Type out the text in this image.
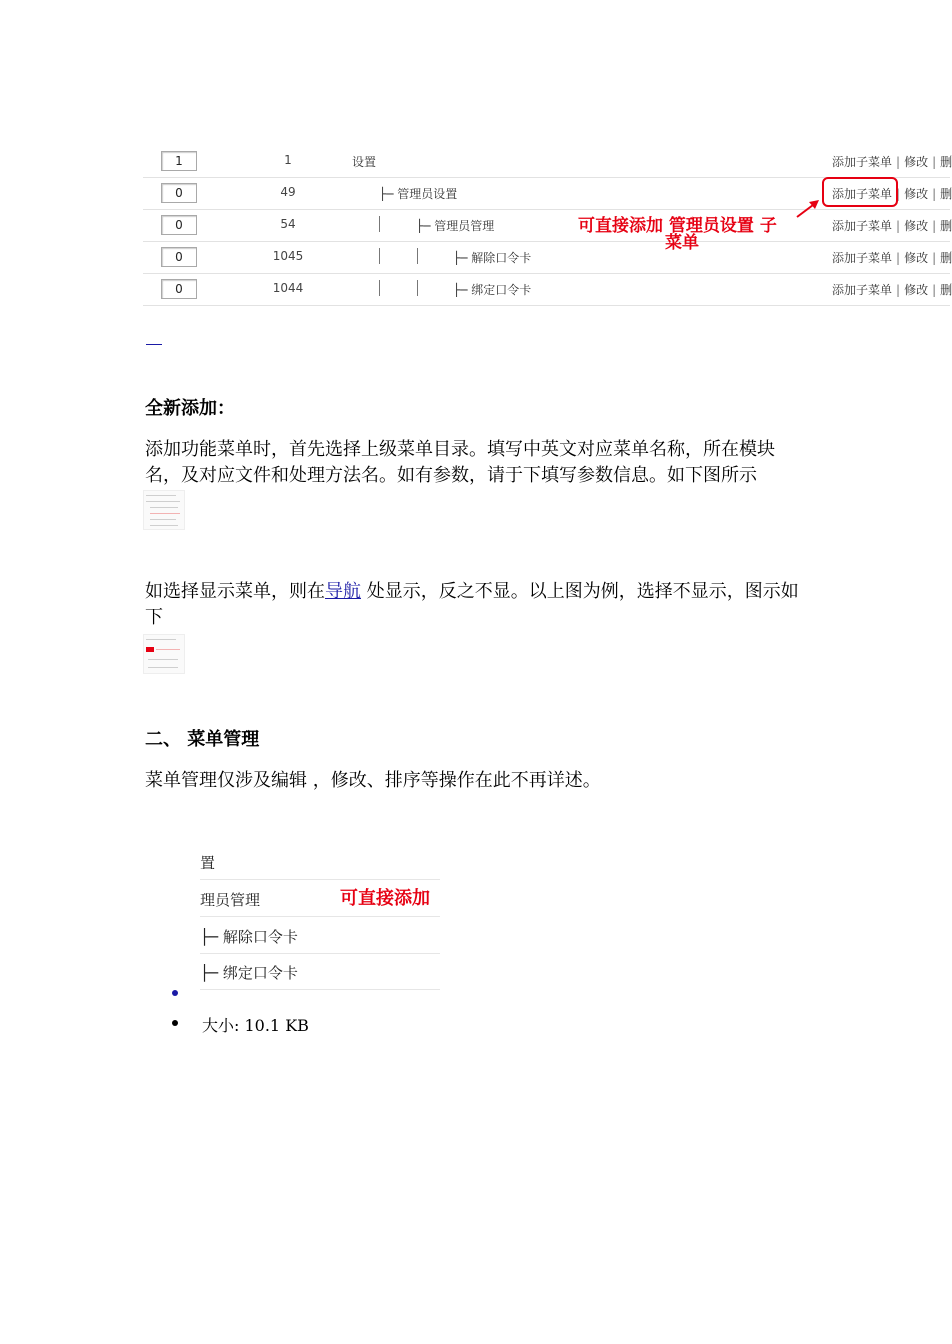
1	1	设置	添加子菜单 | 修改 | 删
0	49	├─ 管理员设置	添加子菜单 | 修改 | 删
0	54	├─ 管理员管理	添加子菜单 | 修改 | 删
0	1045	├─ 解除口令卡	添加子菜单 | 修改 | 删
0	1044	├─ 绑定口令卡	添加子菜单 | 修改 | 删
可直接添加 管理员设置 子
菜单
全新添加：
添加功能菜单时，首先选择上级菜单目录。填写中英文对应菜单名称，所在模块名，及对应文件和处理方法名。如有参数，请于下填写参数信息。如下图所示
如选择显示菜单，则在导航 处显示，反之不显。以上图为例，选择不显示，图示如下
二、 菜单管理
菜单管理仅涉及编辑 ，修改、排序等操作在此不再详述。
置
理员管理
├─ 解除口令卡
├─ 绑定口令卡
可直接添加
大小: 10.1 KB
